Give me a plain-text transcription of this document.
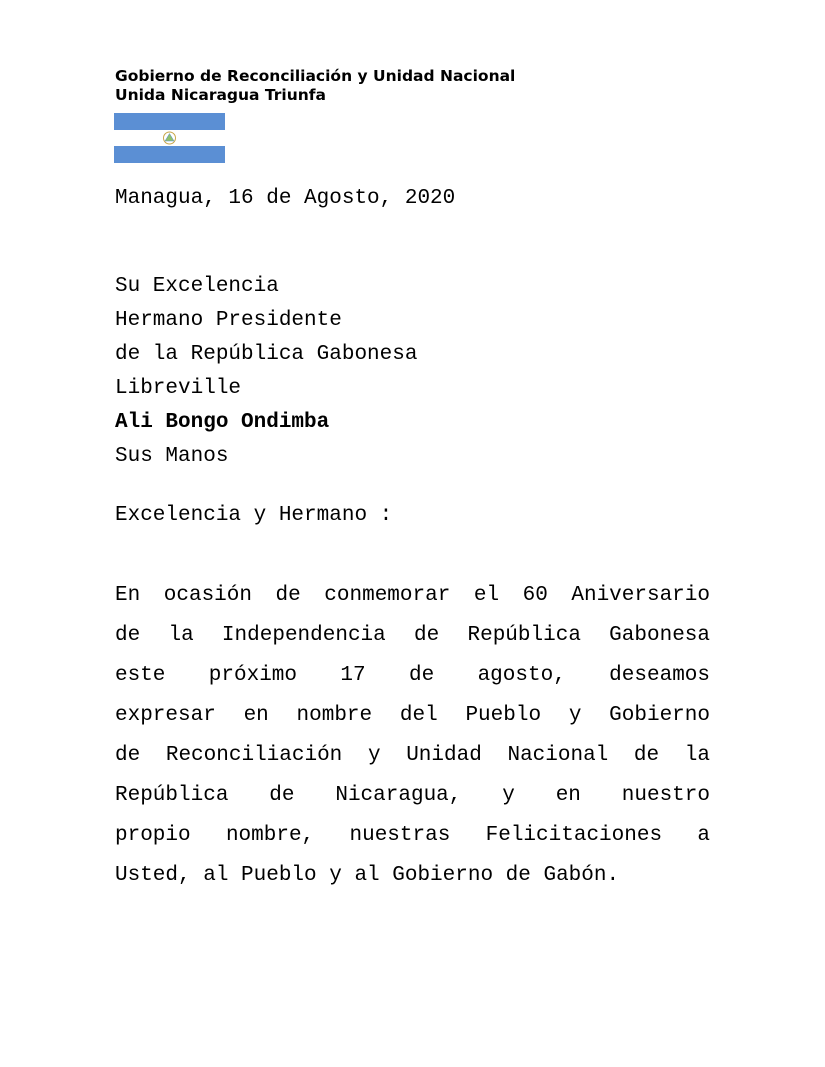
Gobierno de Reconciliación y Unidad Nacional
Unida Nicaragua Triunfa
Managua, 16 de Agosto, 2020
Su Excelencia
Hermano Presidente
de la República Gabonesa
Libreville
Ali Bongo Ondimba
Sus Manos
Excelencia y Hermano :
En ocasión de conmemorar el 60 Aniversario
de la Independencia de República Gabonesa
este próximo 17 de agosto, deseamos
expresar en nombre del Pueblo y Gobierno
de Reconciliación y Unidad Nacional de la
República de Nicaragua, y en nuestro
propio nombre, nuestras Felicitaciones a
Usted, al Pueblo y al Gobierno de Gabón.
